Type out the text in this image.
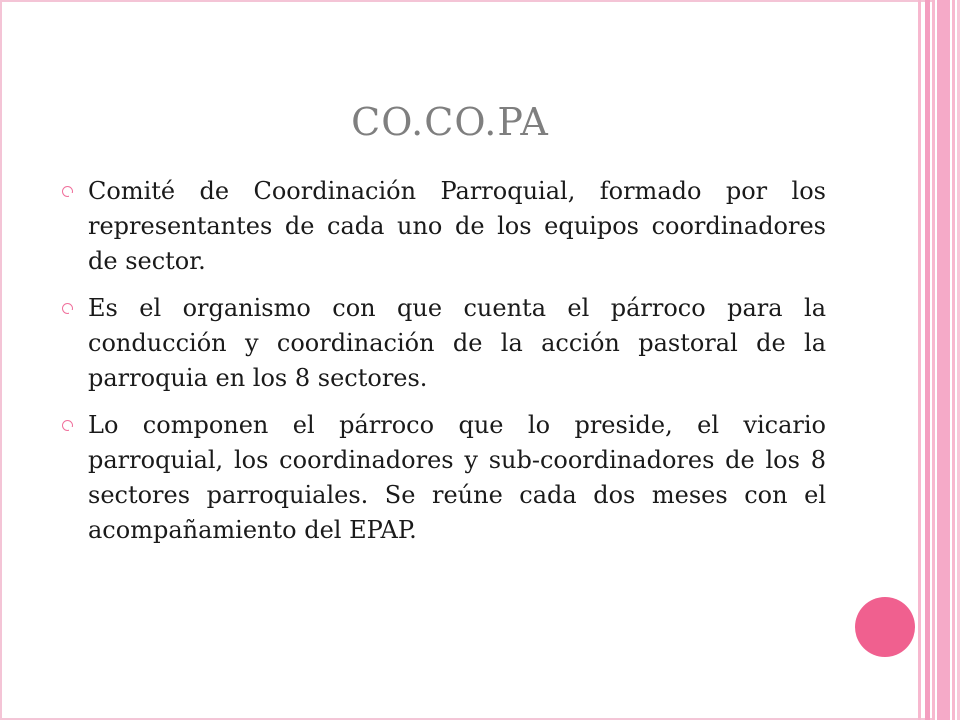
CO.CO.PA
Comité de Coordinación Parroquial, formado por los representantes de cada uno de los equipos coordinadores de sector.
Es el organismo con que cuenta el párroco para la conducción y coordinación de la acción pastoral de la parroquia en los 8 sectores.
Lo componen el párroco que lo preside, el vicario parroquial, los coordinadores y sub-coordinadores de los 8 sectores parroquiales. Se reúne cada dos meses con el acompañamiento del EPAP.
